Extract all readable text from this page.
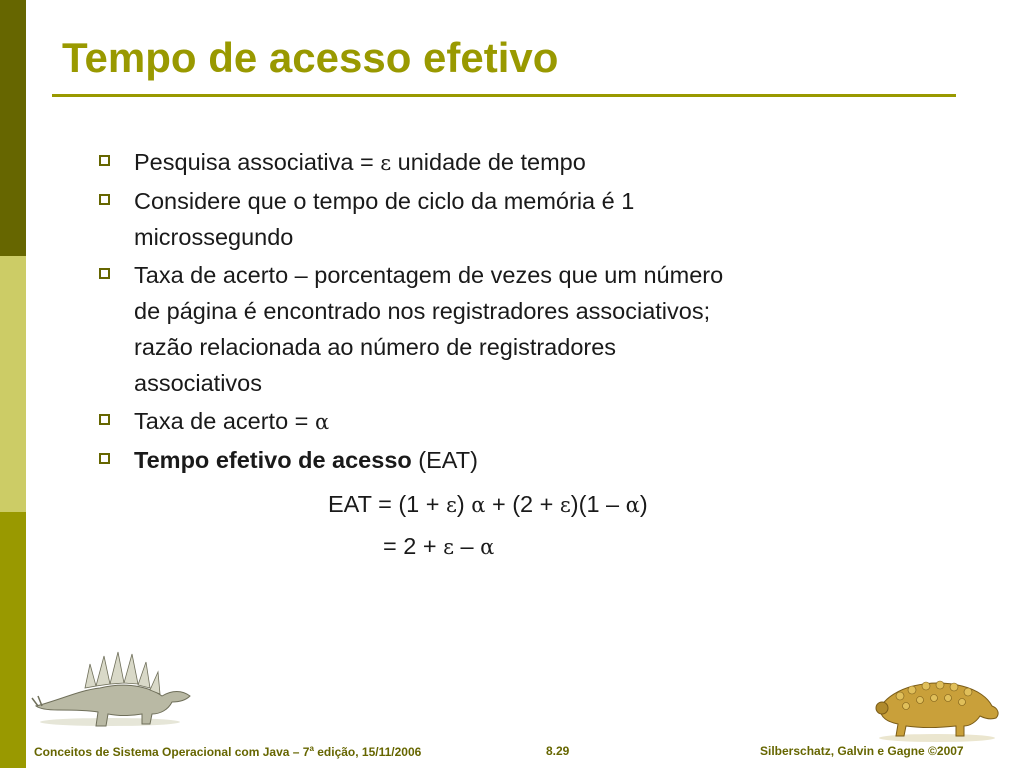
Tempo de acesso efetivo
Pesquisa associativa = ε unidade de tempo
Considere que o tempo de ciclo da memória é 1
microssegundo
Taxa de acerto – porcentagem de vezes que um número
de página é encontrado nos registradores associativos;
razão relacionada ao número de registradores
associativos
Taxa de acerto = α
Tempo efetivo de acesso (EAT)
EAT = (1 + ε) α + (2 + ε)(1 – α)
= 2 + ε – α
Conceitos de Sistema Operacional com Java – 7$^a$ edição, 15/11/2006	8.29	Silberschatz, Galvin e Gagne ©2007
